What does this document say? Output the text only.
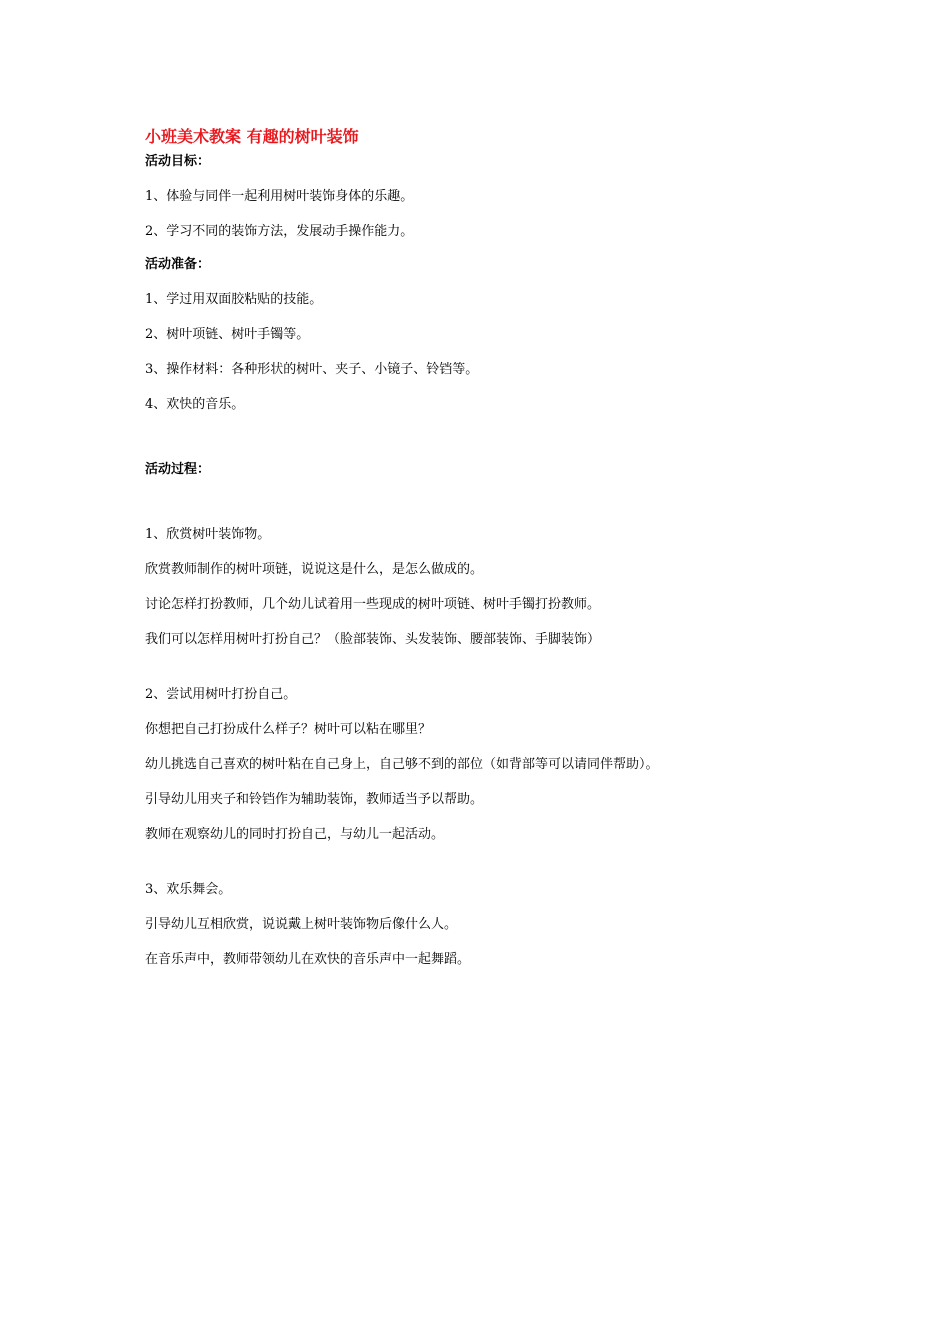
小班美术教案 有趣的树叶装饰
活动目标：
1、体验与同伴一起利用树叶装饰身体的乐趣。
2、学习不同的装饰方法，发展动手操作能力。
活动准备：
1、学过用双面胶粘贴的技能。
2、树叶项链、树叶手镯等。
3、操作材料：各种形状的树叶、夹子、小镜子、铃铛等。
4、欢快的音乐。
活动过程：
1、欣赏树叶装饰物。
欣赏教师制作的树叶项链，说说这是什么，是怎么做成的。
讨论怎样打扮教师，几个幼儿试着用一些现成的树叶项链、树叶手镯打扮教师。
我们可以怎样用树叶打扮自己？（脸部装饰、头发装饰、腰部装饰、手脚装饰）
2、尝试用树叶打扮自己。
你想把自己打扮成什么样子？树叶可以粘在哪里？
幼儿挑选自己喜欢的树叶粘在自己身上，自己够不到的部位（如背部等可以请同伴帮助）。
引导幼儿用夹子和铃铛作为辅助装饰，教师适当予以帮助。
教师在观察幼儿的同时打扮自己，与幼儿一起活动。
3、欢乐舞会。
引导幼儿互相欣赏，说说戴上树叶装饰物后像什么人。
在音乐声中，教师带领幼儿在欢快的音乐声中一起舞蹈。
